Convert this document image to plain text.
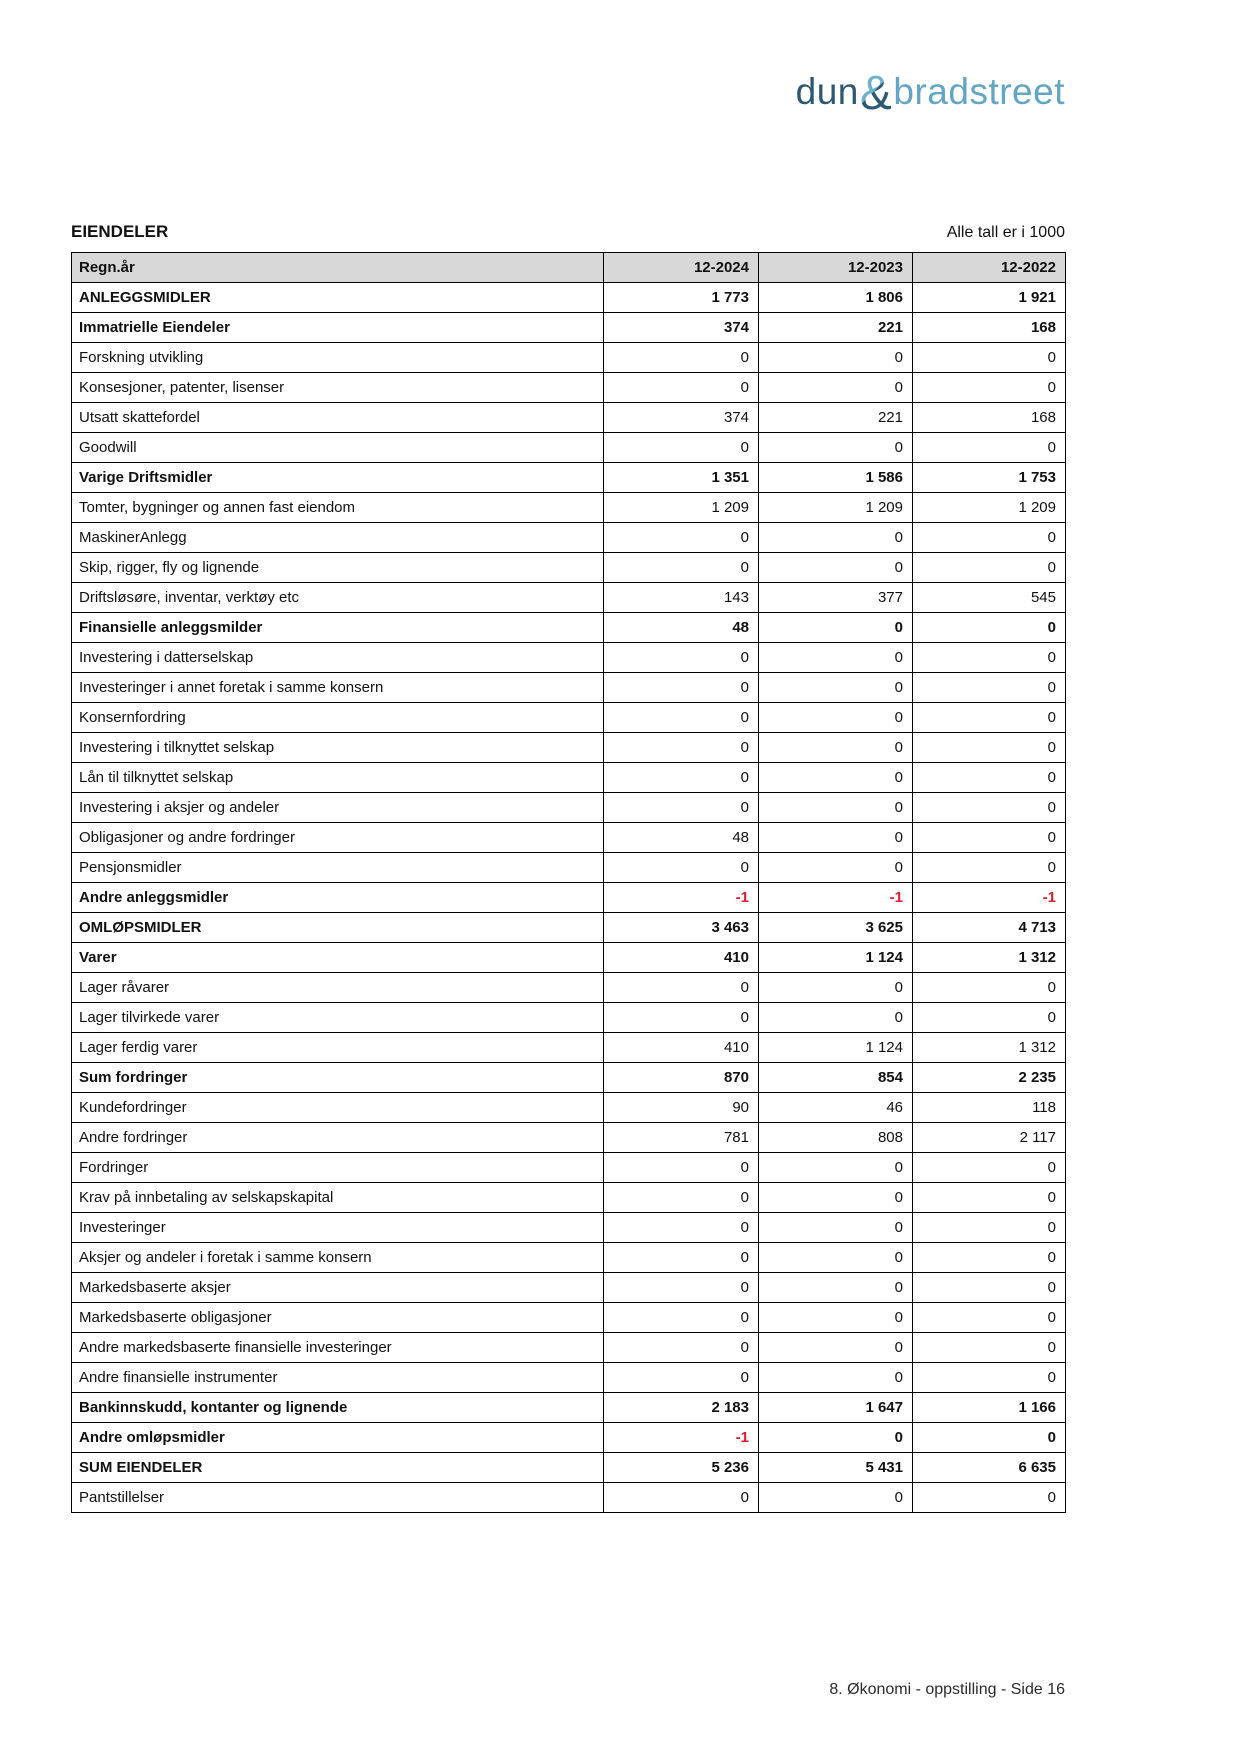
dun&bradstreet
EIENDELER	Alle tall er i 1000
Regn.år	12-2024	12-2023	12-2022
ANLEGGSMIDLER	1 773	1 806	1 921
Immatrielle Eiendeler	374	221	168
Forskning utvikling	0	0	0
Konsesjoner, patenter, lisenser	0	0	0
Utsatt skattefordel	374	221	168
Goodwill	0	0	0
Varige Driftsmidler	1 351	1 586	1 753
Tomter, bygninger og annen fast eiendom	1 209	1 209	1 209
MaskinerAnlegg	0	0	0
Skip, rigger, fly og lignende	0	0	0
Driftsløsøre, inventar, verktøy etc	143	377	545
Finansielle anleggsmilder	48	0	0
Investering i datterselskap	0	0	0
Investeringer i annet foretak i samme konsern	0	0	0
Konsernfordring	0	0	0
Investering i tilknyttet selskap	0	0	0
Lån til tilknyttet selskap	0	0	0
Investering i aksjer og andeler	0	0	0
Obligasjoner og andre fordringer	48	0	0
Pensjonsmidler	0	0	0
Andre anleggsmidler	-1	-1	-1
OMLØPSMIDLER	3 463	3 625	4 713
Varer	410	1 124	1 312
Lager råvarer	0	0	0
Lager tilvirkede varer	0	0	0
Lager ferdig varer	410	1 124	1 312
Sum fordringer	870	854	2 235
Kundefordringer	90	46	118
Andre fordringer	781	808	2 117
Fordringer	0	0	0
Krav på innbetaling av selskapskapital	0	0	0
Investeringer	0	0	0
Aksjer og andeler i foretak i samme konsern	0	0	0
Markedsbaserte aksjer	0	0	0
Markedsbaserte obligasjoner	0	0	0
Andre markedsbaserte finansielle investeringer	0	0	0
Andre finansielle instrumenter	0	0	0
Bankinnskudd, kontanter og lignende	2 183	1 647	1 166
Andre omløpsmidler	-1	0	0
SUM EIENDELER	5 236	5 431	6 635
Pantstillelser	0	0	0
8. Økonomi - oppstilling - Side 16
